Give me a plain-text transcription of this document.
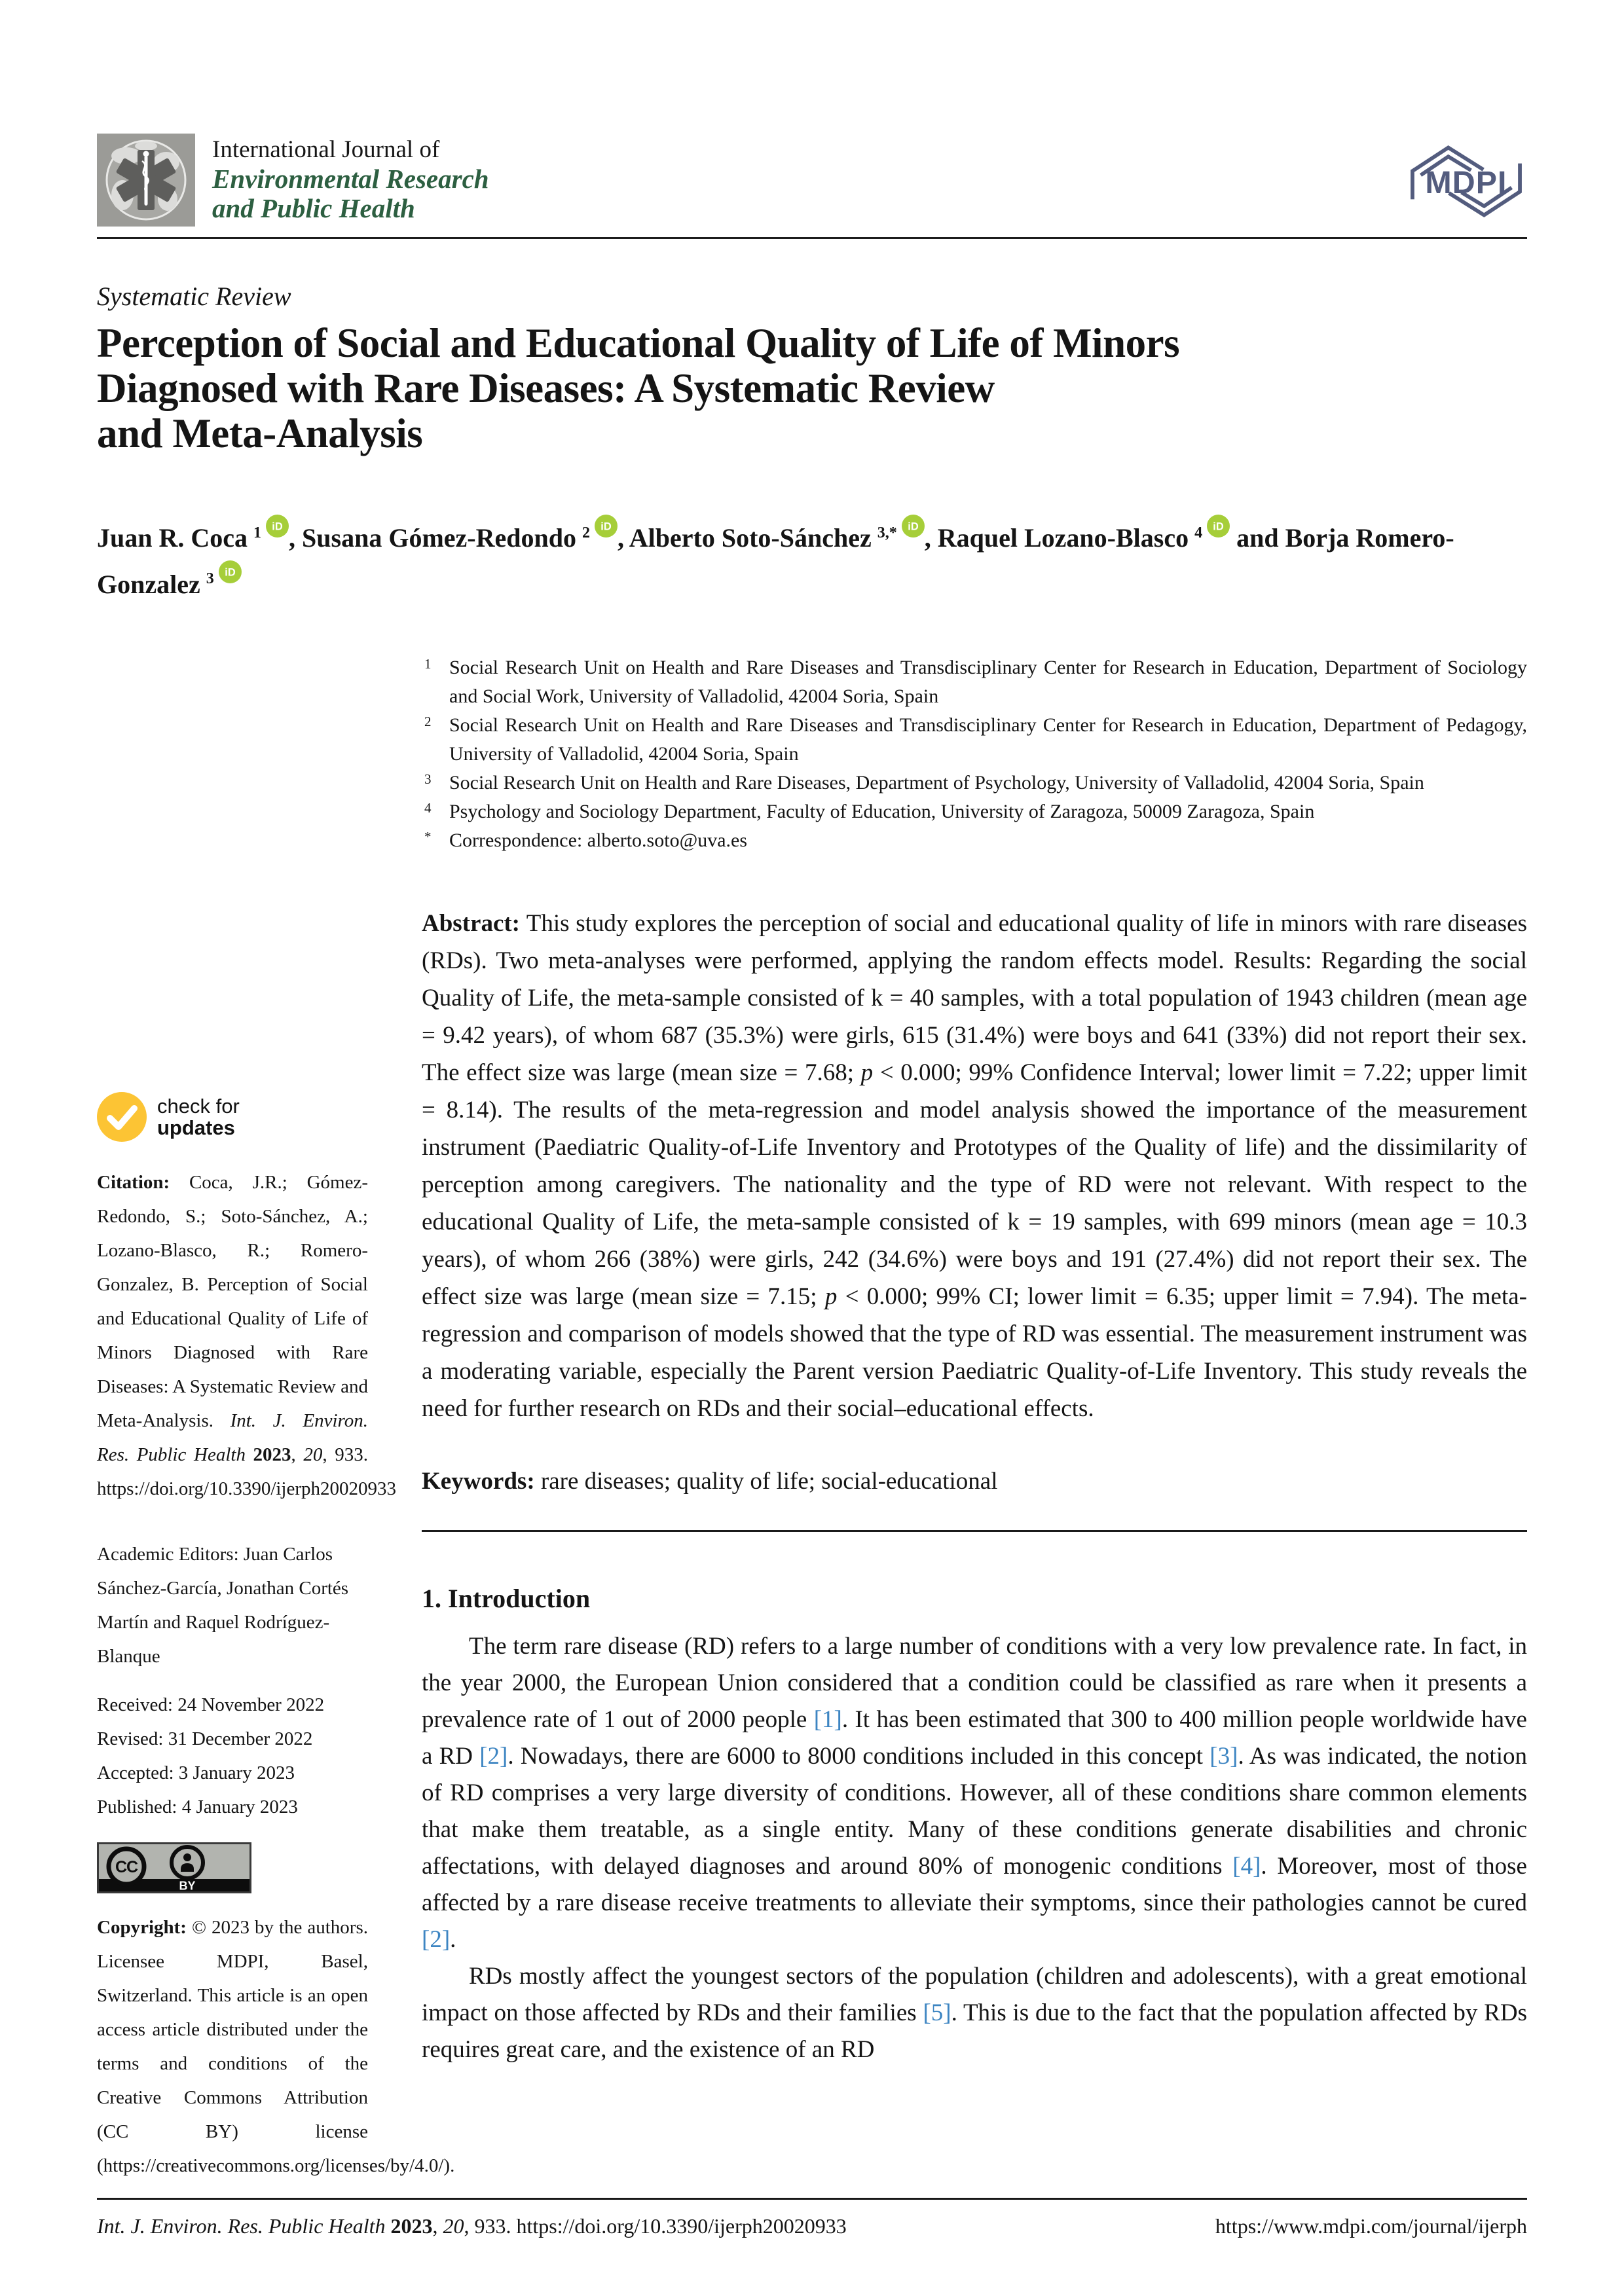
International Journal of
Environmental Research
and Public Health
MDPI
Systematic Review
Perception of Social and Educational Quality of Life of Minors
Diagnosed with Rare Diseases: A Systematic Review
and Meta-Analysis
Juan R. Coca $^1$ iD , Susana Gómez-Redondo $^2$ iD , Alberto Soto-Sánchez $^{3,*}$ iD , Raquel Lozano-Blasco $^4$ iD and Borja Romero-Gonzalez $^3$ iD
check for
updates
Citation: Coca, J.R.; Gómez-Redondo, S.; Soto-Sánchez, A.; Lozano-Blasco, R.; Romero-Gonzalez, B. Perception of Social and Educational Quality of Life of Minors Diagnosed with Rare Diseases: A Systematic Review and Meta-Analysis. Int. J. Environ. Res. Public Health 2023, 20, 933. https://doi.org/10.3390/ijerph20020933
Academic Editors: Juan Carlos Sánchez-García, Jonathan Cortés Martín and Raquel Rodríguez-Blanque
Received: 24 November 2022
Revised: 31 December 2022
Accepted: 3 January 2023
Published: 4 January 2023
CC
BY
Copyright: © 2023 by the authors. Licensee MDPI, Basel, Switzerland. This article is an open access article distributed under the terms and conditions of the Creative Commons Attribution (CC BY) license (https://creativecommons.org/licenses/by/4.0/).
1 Social Research Unit on Health and Rare Diseases and Transdisciplinary Center for Research in Education, Department of Sociology and Social Work, University of Valladolid, 42004 Soria, Spain
2 Social Research Unit on Health and Rare Diseases and Transdisciplinary Center for Research in Education, Department of Pedagogy, University of Valladolid, 42004 Soria, Spain
3 Social Research Unit on Health and Rare Diseases, Department of Psychology, University of Valladolid, 42004 Soria, Spain
4 Psychology and Sociology Department, Faculty of Education, University of Zaragoza, 50009 Zaragoza, Spain
* Correspondence: alberto.soto@uva.es
Abstract: This study explores the perception of social and educational quality of life in minors with rare diseases (RDs). Two meta-analyses were performed, applying the random effects model. Results: Regarding the social Quality of Life, the meta-sample consisted of k = 40 samples, with a total population of 1943 children (mean age = 9.42 years), of whom 687 (35.3%) were girls, 615 (31.4%) were boys and 641 (33%) did not report their sex. The effect size was large (mean size = 7.68; p < 0.000; 99% Confidence Interval; lower limit = 7.22; upper limit = 8.14). The results of the meta-regression and model analysis showed the importance of the measurement instrument (Paediatric Quality-of-Life Inventory and Prototypes of the Quality of life) and the dissimilarity of perception among caregivers. The nationality and the type of RD were not relevant. With respect to the educational Quality of Life, the meta-sample consisted of k = 19 samples, with 699 minors (mean age = 10.3 years), of whom 266 (38%) were girls, 242 (34.6%) were boys and 191 (27.4%) did not report their sex. The effect size was large (mean size = 7.15; p < 0.000; 99% CI; lower limit = 6.35; upper limit = 7.94). The meta-regression and comparison of models showed that the type of RD was essential. The measurement instrument was a moderating variable, especially the Parent version Paediatric Quality-of-Life Inventory. This study reveals the need for further research on RDs and their social–educational effects.
Keywords: rare diseases; quality of life; social-educational
1. Introduction
The term rare disease (RD) refers to a large number of conditions with a very low prevalence rate. In fact, in the year 2000, the European Union considered that a condition could be classified as rare when it presents a prevalence rate of 1 out of 2000 people [1]. It has been estimated that 300 to 400 million people worldwide have a RD [2]. Nowadays, there are 6000 to 8000 conditions included in this concept [3]. As was indicated, the notion of RD comprises a very large diversity of conditions. However, all of these conditions share common elements that make them treatable, as a single entity. Many of these conditions generate disabilities and chronic affectations, with delayed diagnoses and around 80% of monogenic conditions [4]. Moreover, most of those affected by a rare disease receive treatments to alleviate their symptoms, since their pathologies cannot be cured [2].
RDs mostly affect the youngest sectors of the population (children and adolescents), with a great emotional impact on those affected by RDs and their families [5]. This is due to the fact that the population affected by RDs requires great care, and the existence of an RD
Int. J. Environ. Res. Public Health 2023, 20, 933. https://doi.org/10.3390/ijerph20020933	https://www.mdpi.com/journal/ijerph
